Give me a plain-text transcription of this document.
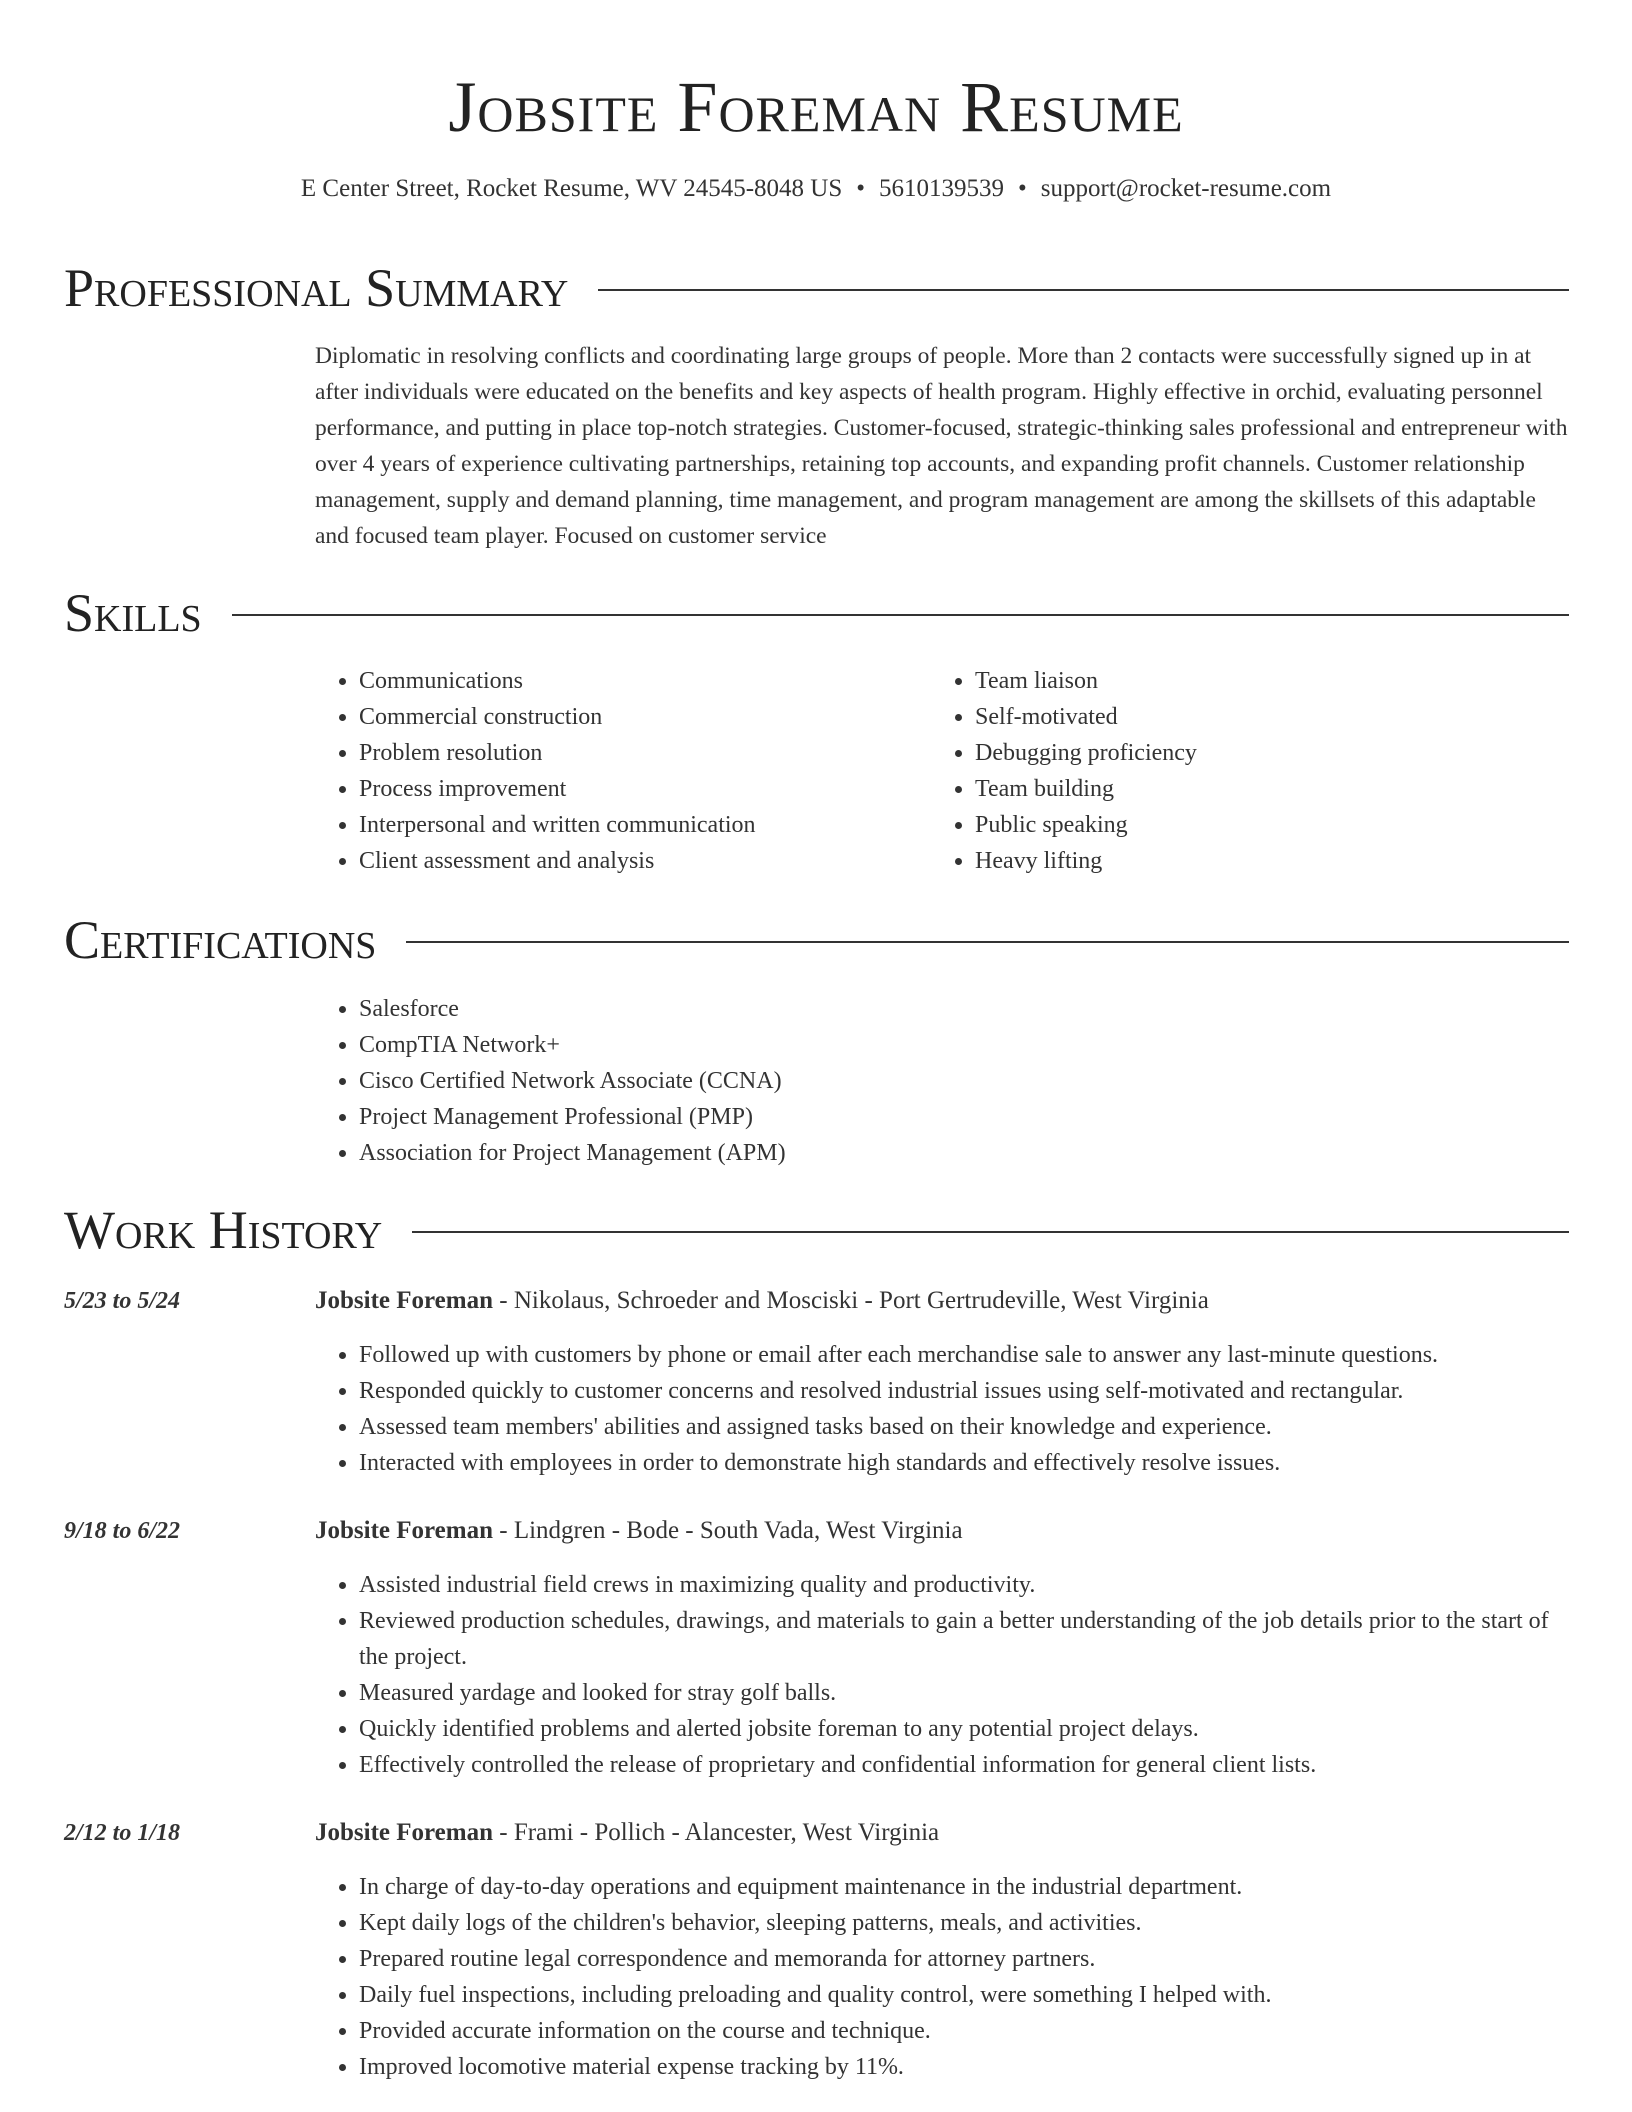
Jobsite Foreman Resume
E Center Street, Rocket Resume, WV 24545-8048 US • 5610139539 • support@rocket-resume.com
Professional Summary

Diplomatic in resolving conflicts and coordinating large groups of people. More than 2 contacts were successfully signed up in at after individuals were educated on the benefits and key aspects of health program. Highly effective in orchid, evaluating personnel performance, and putting in place top-notch strategies. Customer-focused, strategic-thinking sales professional and entrepreneur with over 4 years of experience cultivating partnerships, retaining top accounts, and expanding profit channels. Customer relationship management, supply and demand planning, time management, and program management are among the skillsets of this adaptable and focused team player. Focused on customer service

Skills
• Communications
• Commercial construction
• Problem resolution
• Process improvement
• Interpersonal and written communication
• Client assessment and analysis
• Team liaison
• Self-motivated
• Debugging proficiency
• Team building
• Public speaking
• Heavy lifting
Certifications
• Salesforce
• CompTIA Network+
• Cisco Certified Network Associate (CCNA)
• Project Management Professional (PMP)
• Association for Project Management (APM)
Work History
5/23 to 5/24	Jobsite Foreman - Nikolaus, Schroeder and Mosciski - Port Gertrudeville, West Virginia
• Followed up with customers by phone or email after each merchandise sale to answer any last-minute questions.
• Responded quickly to customer concerns and resolved industrial issues using self-motivated and rectangular.
• Assessed team members' abilities and assigned tasks based on their knowledge and experience.
• Interacted with employees in order to demonstrate high standards and effectively resolve issues.
9/18 to 6/22	Jobsite Foreman - Lindgren - Bode - South Vada, West Virginia
• Assisted industrial field crews in maximizing quality and productivity.
• Reviewed production schedules, drawings, and materials to gain a better understanding of the job details prior to the start of the project.
• Measured yardage and looked for stray golf balls.
• Quickly identified problems and alerted jobsite foreman to any potential project delays.
• Effectively controlled the release of proprietary and confidential information for general client lists.
2/12 to 1/18	Jobsite Foreman - Frami - Pollich - Alancester, West Virginia
• In charge of day-to-day operations and equipment maintenance in the industrial department.
• Kept daily logs of the children's behavior, sleeping patterns, meals, and activities.
• Prepared routine legal correspondence and memoranda for attorney partners.
• Daily fuel inspections, including preloading and quality control, were something I helped with.
• Provided accurate information on the course and technique.
• Improved locomotive material expense tracking by 11%.
